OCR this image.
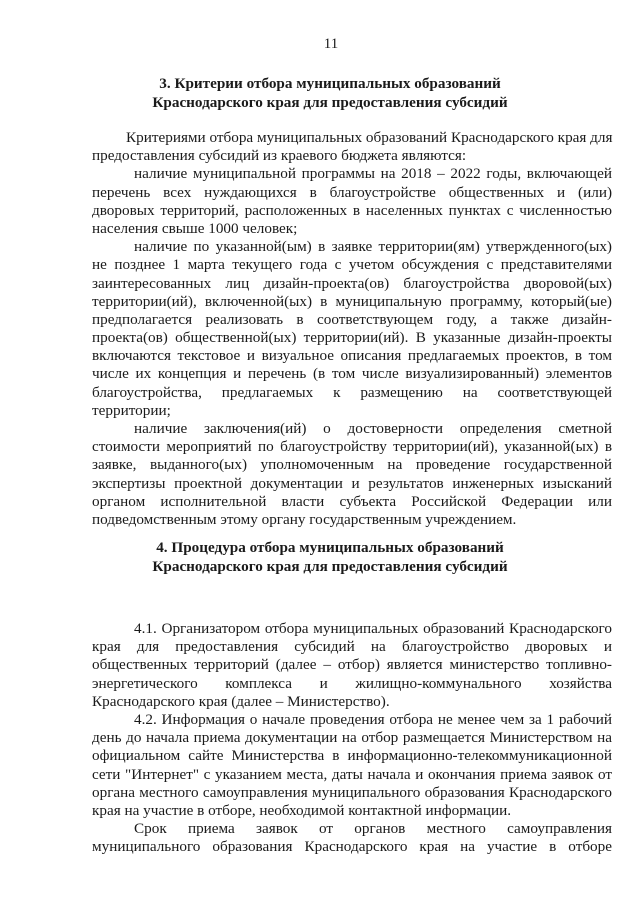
11
3. Критерии отбора муниципальных образований
Краснодарского края для предоставления субсидий
Критериями отбора муниципальных образований Краснодарского края для
предоставления субсидий из краевого бюджета являются:
наличие муниципальной программы на 2018 – 2022 годы, включающей
перечень всех нуждающихся в благоустройстве общественных и (или)
дворовых территорий, расположенных в населенных пунктах с численностью
населения свыше 1000 человек;
наличие по указанной(ым) в заявке территории(ям) утвержденного(ых)
не позднее 1 марта текущего года с учетом обсуждения с представителями
заинтересованных лиц дизайн-проекта(ов) благоустройства дворовой(ых)
территории(ий), включенной(ых) в муниципальную программу, который(ые)
предполагается реализовать в соответствующем году, а также дизайн-
проекта(ов) общественной(ых) территории(ий). В указанные дизайн-проекты
включаются текстовое и визуальное описания предлагаемых проектов, в том
числе их концепция и перечень (в том числе визуализированный) элементов
благоустройства, предлагаемых к размещению на соответствующей
территории;
наличие заключения(ий) о достоверности определения сметной
стоимости мероприятий по благоустройству территории(ий), указанной(ых) в
заявке, выданного(ых) уполномоченным на проведение государственной
экспертизы проектной документации и результатов инженерных изысканий
органом исполнительной власти субъекта Российской Федерации или
подведомственным этому органу государственным учреждением.
4. Процедура отбора муниципальных образований
Краснодарского края для предоставления субсидий
4.1. Организатором отбора муниципальных образований Краснодарского
края для предоставления субсидий на благоустройство дворовых и
общественных территорий (далее – отбор) является министерство топливно-
энергетического комплекса и жилищно-коммунального хозяйства
Краснодарского края (далее – Министерство).
4.2. Информация о начале проведения отбора не менее чем за 1 рабочий
день до начала приема документации на отбор размещается Министерством на
официальном сайте Министерства в информационно-телекоммуникационной
сети "Интернет" с указанием места, даты начала и окончания приема заявок от
органа местного самоуправления муниципального образования Краснодарского
края на участие в отборе, необходимой контактной информации.
Срок приема заявок от органов местного самоуправления
муниципального образования Краснодарского края на участие в отборе
